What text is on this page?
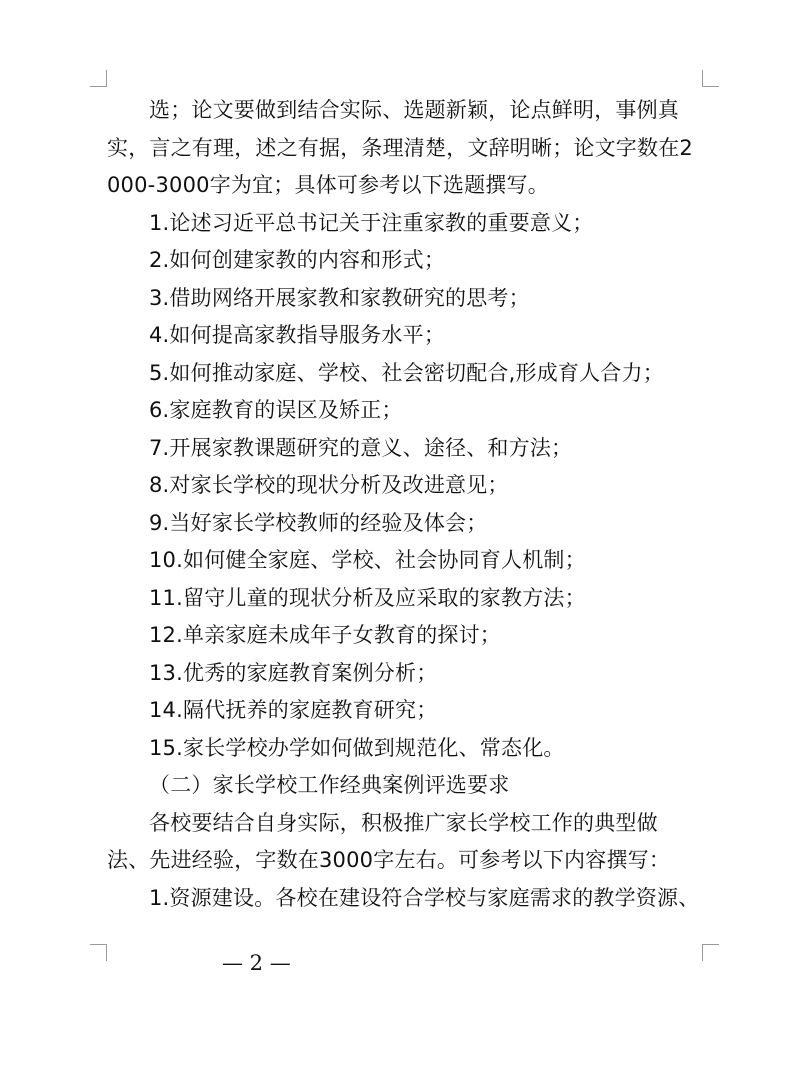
选；论文要做到结合实际、选题新颖，论点鲜明，事例真
实，言之有理，述之有据，条理清楚，文辞明晰；论文字数在2
000-3000字为宜；具体可参考以下选题撰写。
1.论述习近平总书记关于注重家教的重要意义；
2.如何创建家教的内容和形式；
3.借助网络开展家教和家教研究的思考；
4.如何提高家教指导服务水平；
5.如何推动家庭、学校、社会密切配合,形成育人合力；
6.家庭教育的误区及矫正；
7.开展家教课题研究的意义、途径、和方法；
8.对家长学校的现状分析及改进意见；
9.当好家长学校教师的经验及体会；
10.如何健全家庭、学校、社会协同育人机制；
11.留守儿童的现状分析及应采取的家教方法；
12.单亲家庭未成年子女教育的探讨；
13.优秀的家庭教育案例分析；
14.隔代抚养的家庭教育研究；
15.家长学校办学如何做到规范化、常态化。
（二）家长学校工作经典案例评选要求
各校要结合自身实际，积极推广家长学校工作的典型做
法、先进经验，字数在3000字左右。可参考以下内容撰写：
1.资源建设。各校在建设符合学校与家庭需求的教学资源、
— 2 —
